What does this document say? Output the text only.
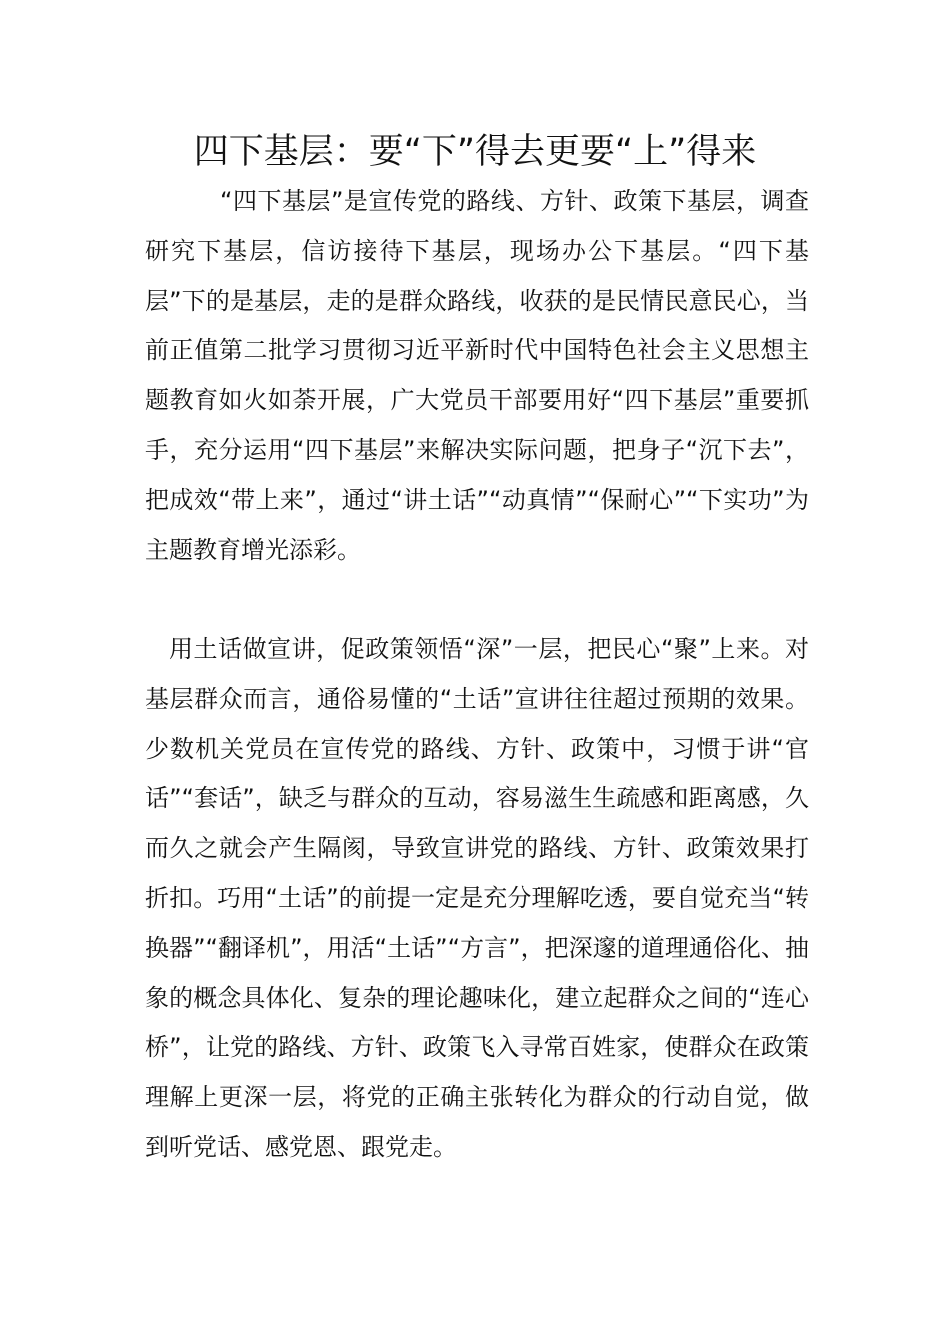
四下基层：要“下”得去更要“上”得来

“四下基层”是宣传党的路线、方针、政策下基层，调查研究下基层，信访接待下基层，现场办公下基层。“四下基层”下的是基层，走的是群众路线，收获的是民情民意民心，当前正值第二批学习贯彻习近平新时代中国特色社会主义思想主题教育如火如荼开展，广大党员干部要用好“四下基层”重要抓手，充分运用“四下基层”来解决实际问题，把身子“沉下去”，把成效“带上来”，通过“讲土话”“动真情”“保耐心”“下实功”为主题教育增光添彩。

用土话做宣讲，促政策领悟“深”一层，把民心“聚”上来。对基层群众而言，通俗易懂的“土话”宣讲往往超过预期的效果。少数机关党员在宣传党的路线、方针、政策中，习惯于讲“官话”“套话”，缺乏与群众的互动，容易滋生生疏感和距离感，久而久之就会产生隔阂，导致宣讲党的路线、方针、政策效果打折扣。巧用“土话”的前提一定是充分理解吃透，要自觉充当“转换器”“翻译机”，用活“土话”“方言”，把深邃的道理通俗化、抽象的概念具体化、复杂的理论趣味化，建立起群众之间的“连心桥”，让党的路线、方针、政策飞入寻常百姓家，使群众在政策理解上更深一层，将党的正确主张转化为群众的行动自觉，做到听党话、感党恩、跟党走。
